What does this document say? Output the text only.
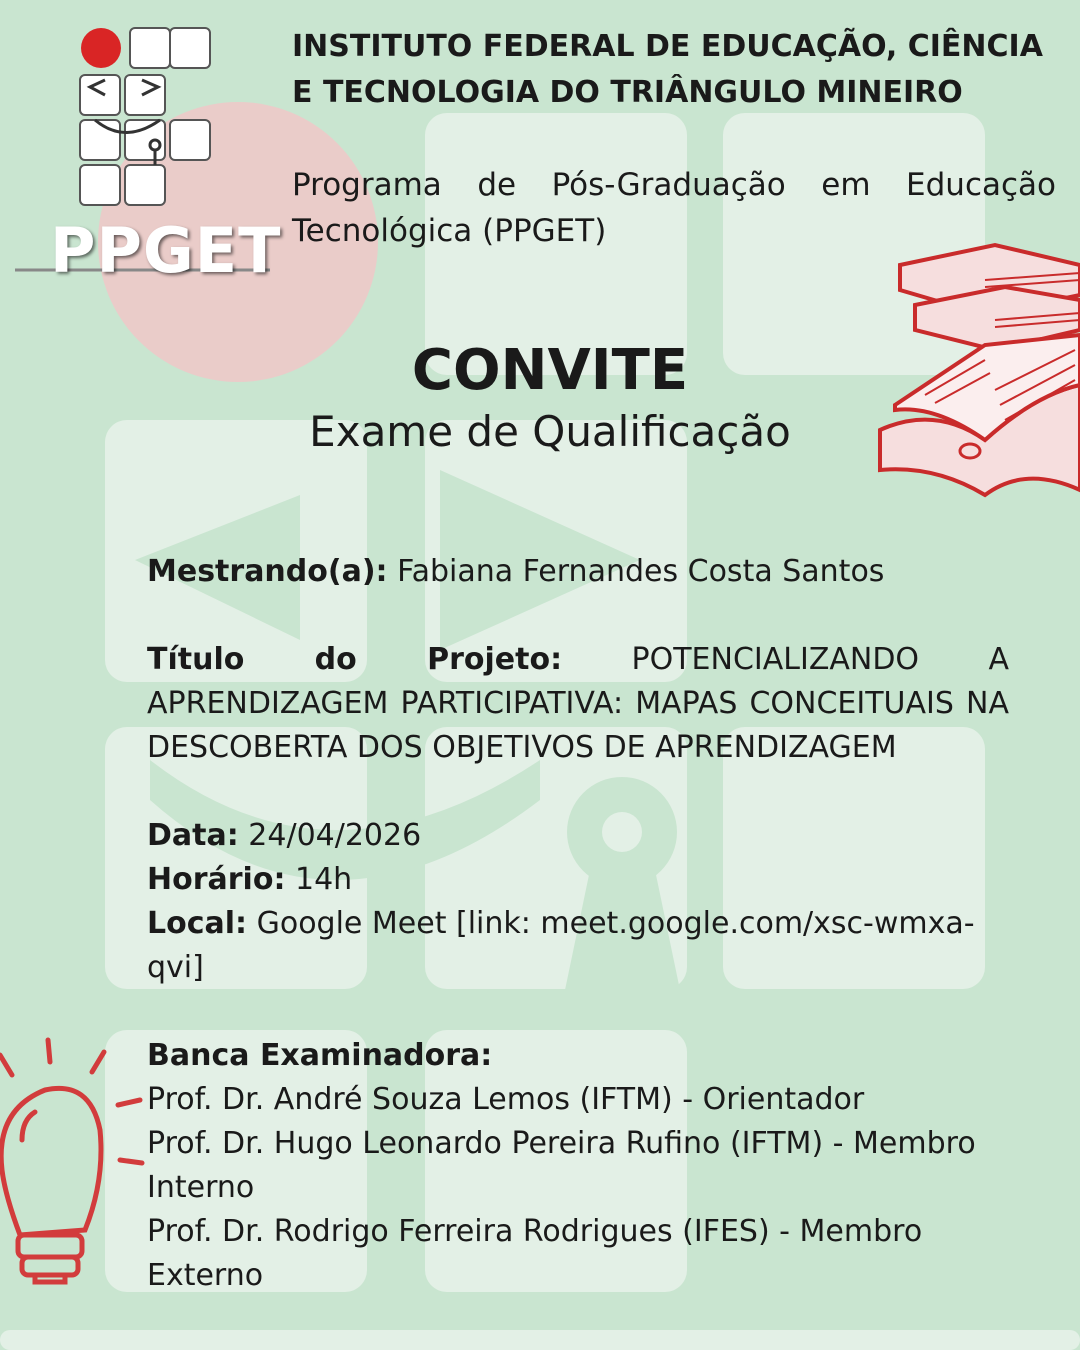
PPGET
INSTITUTO FEDERAL DE EDUCAÇÃO, CIÊNCIA E TECNOLOGIA DO TRIÂNGULO MINEIRO
Programa de Pós-Graduação em Educação Tecnológica (PPGET)
CONVITE
Exame de Qualificação

Mestrando(a): Fabiana Fernandes Costa Santos

Título do Projeto: POTENCIALIZANDO A APRENDIZAGEM PARTICIPATIVA: MAPAS CONCEITUAIS NA DESCOBERTA DOS OBJETIVOS DE APRENDIZAGEM

Data: 24/04/2026

Horário: 14h

Local: Google Meet [link: meet.google.com/xsc-wmxa-qvi]

Banca Examinadora:

Prof. Dr. André Souza Lemos (IFTM) - Orientador

Prof. Dr. Hugo Leonardo Pereira Rufino (IFTM) - Membro Interno

Prof. Dr. Rodrigo Ferreira Rodrigues (IFES) - Membro Externo
